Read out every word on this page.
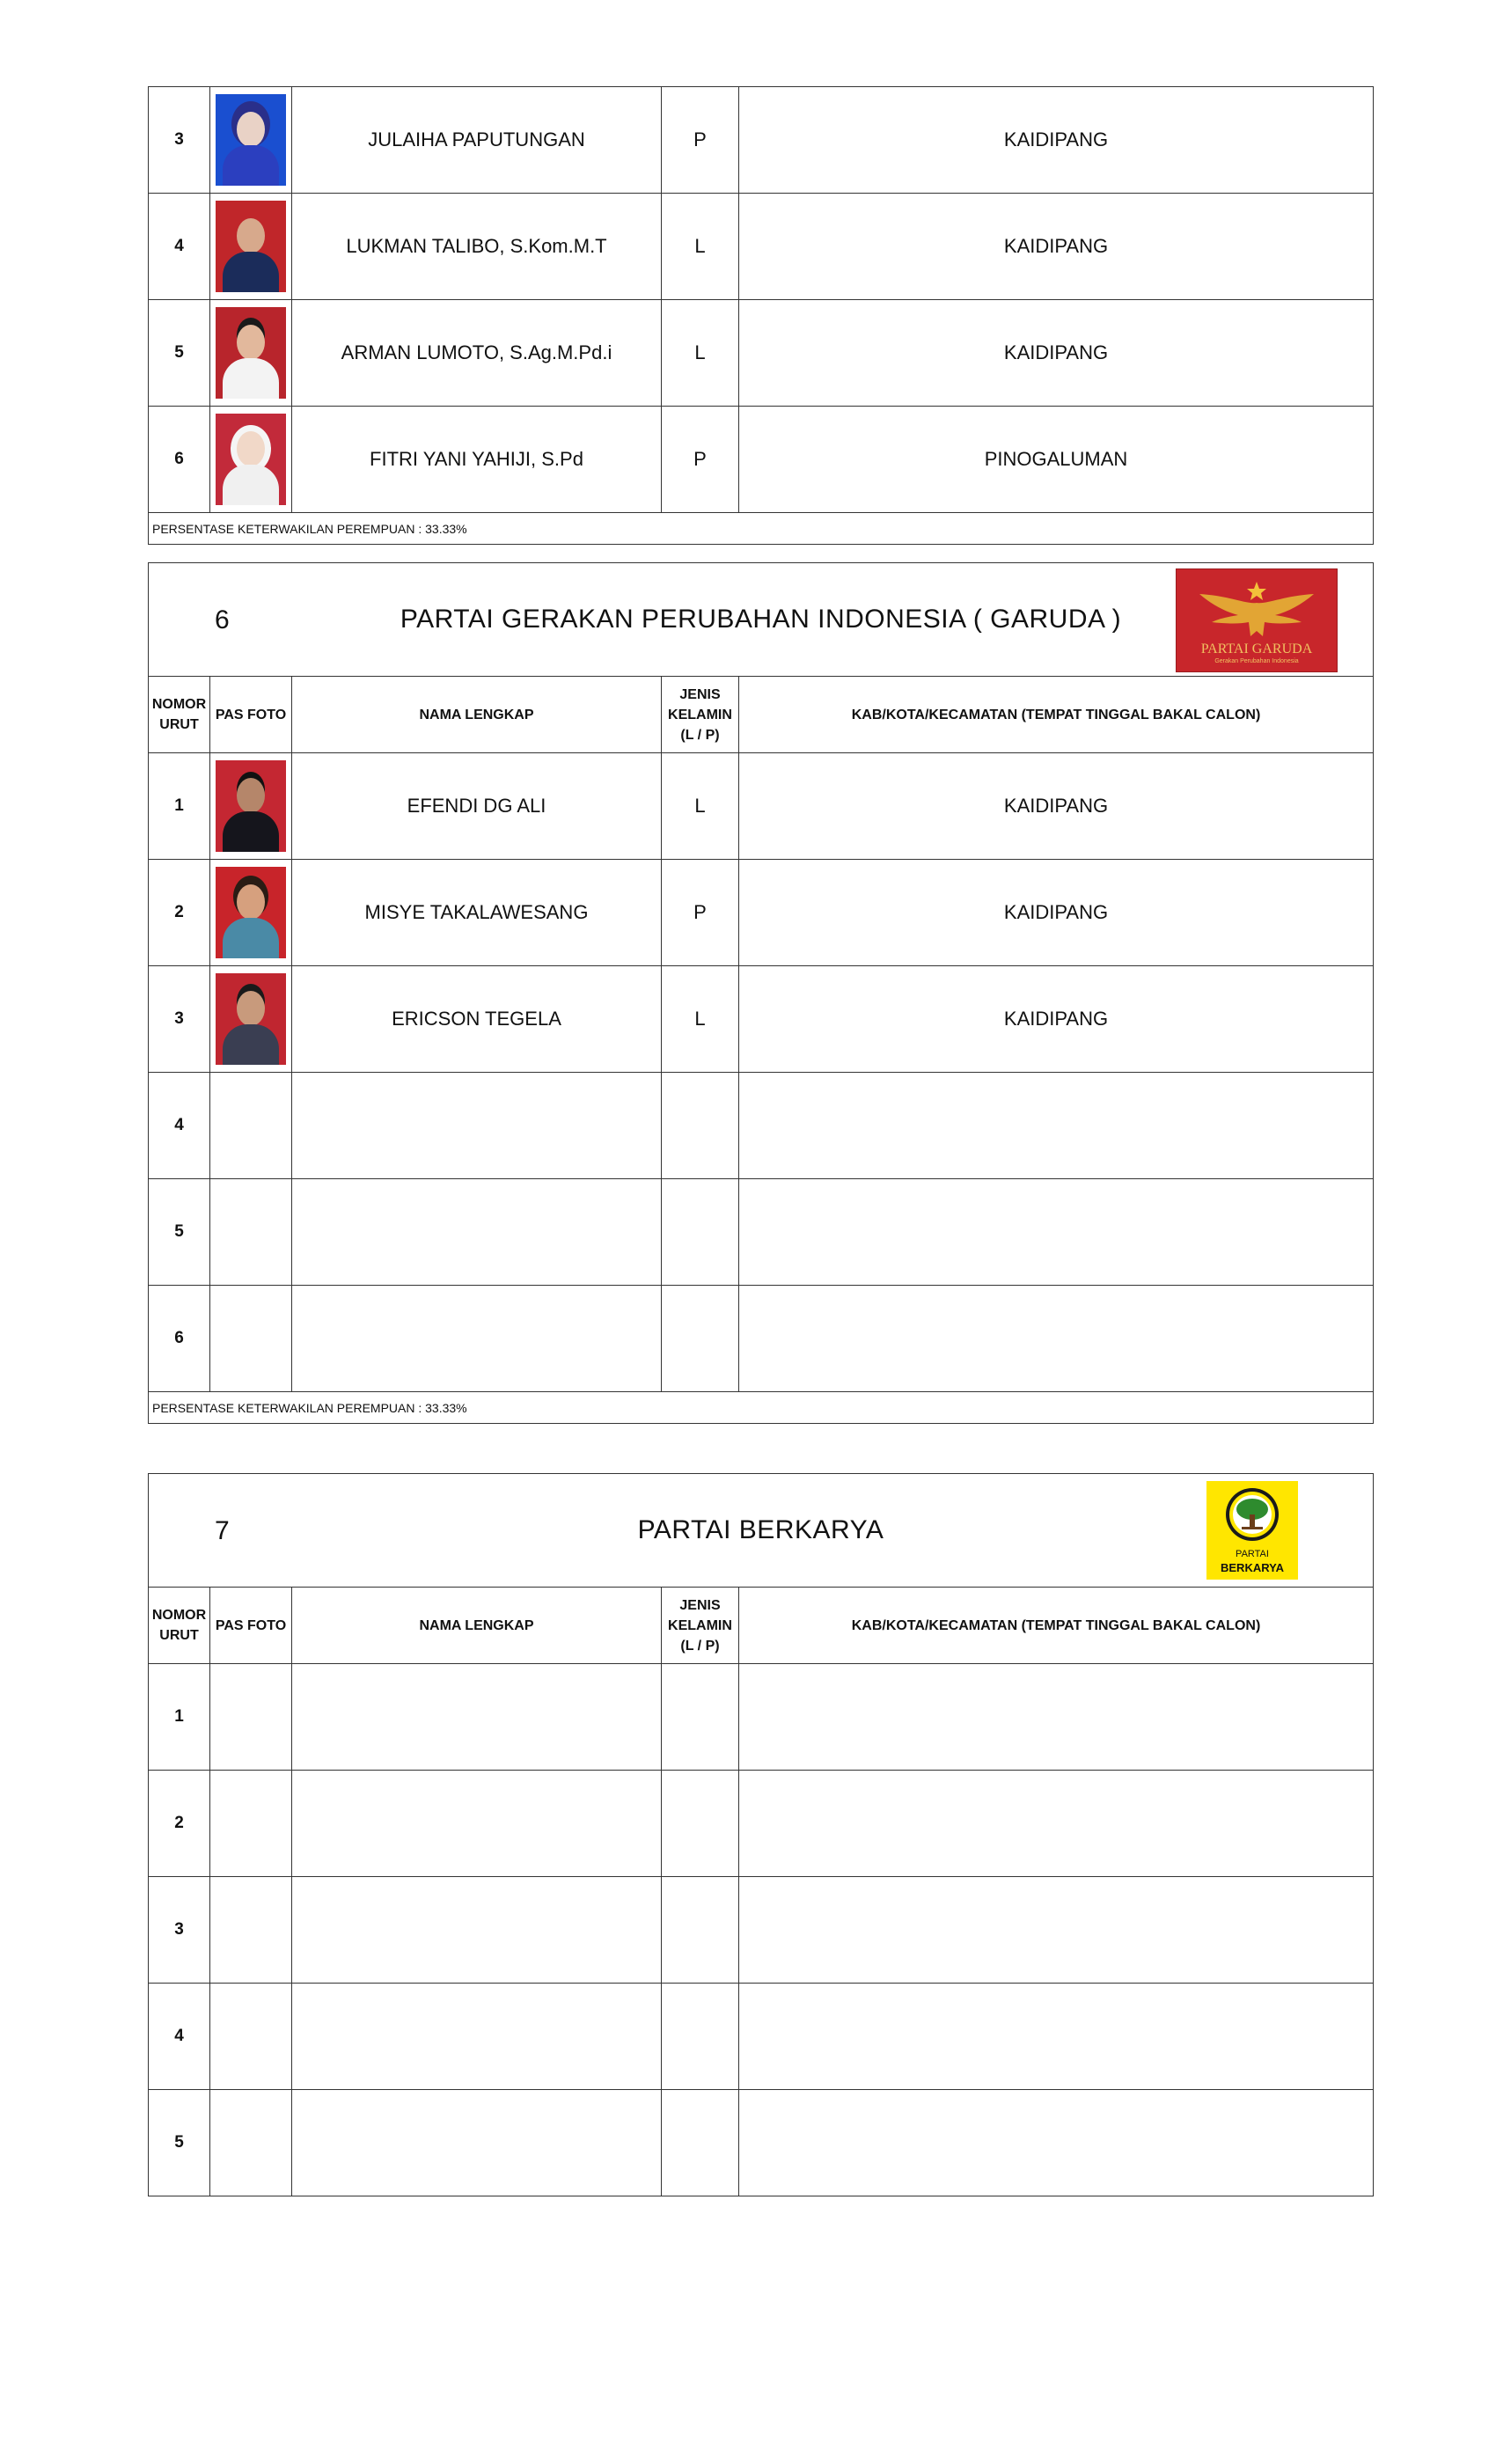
3		JULAIHA PAPUTUNGAN	P	KAIDIPANG
4		LUKMAN TALIBO, S.Kom.M.T	L	KAIDIPANG
5		ARMAN LUMOTO, S.Ag.M.Pd.i	L	KAIDIPANG
6		FITRI YANI YAHIJI, S.Pd	P	PINOGALUMAN
PERSENTASE KETERWAKILAN PEREMPUAN : 33.33%				
6 PARTAI GERAKAN PERUBAHAN INDONESIA ( GARUDA )
PARTAI GARUDA
Gerakan Perubahan Indonesia				

NOMOR URUT	PAS FOTO	NAMA LENGKAP	JENIS KELAMIN (L / P)	KAB/KOTA/KECAMATAN (TEMPAT TINGGAL BAKAL CALON)
1		EFENDI DG ALI	L	KAIDIPANG
2		MISYE TAKALAWESANG	P	KAIDIPANG
3		ERICSON TEGELA	L	KAIDIPANG
4				
5				
6				
PERSENTASE KETERWAKILAN PEREMPUAN : 33.33%				
7 PARTAI BERKARYA
PARTAI
BERKARYA				

NOMOR URUT	PAS FOTO	NAMA LENGKAP	JENIS KELAMIN (L / P)	KAB/KOTA/KECAMATAN (TEMPAT TINGGAL BAKAL CALON)
1				
2				
3				
4				
5				
